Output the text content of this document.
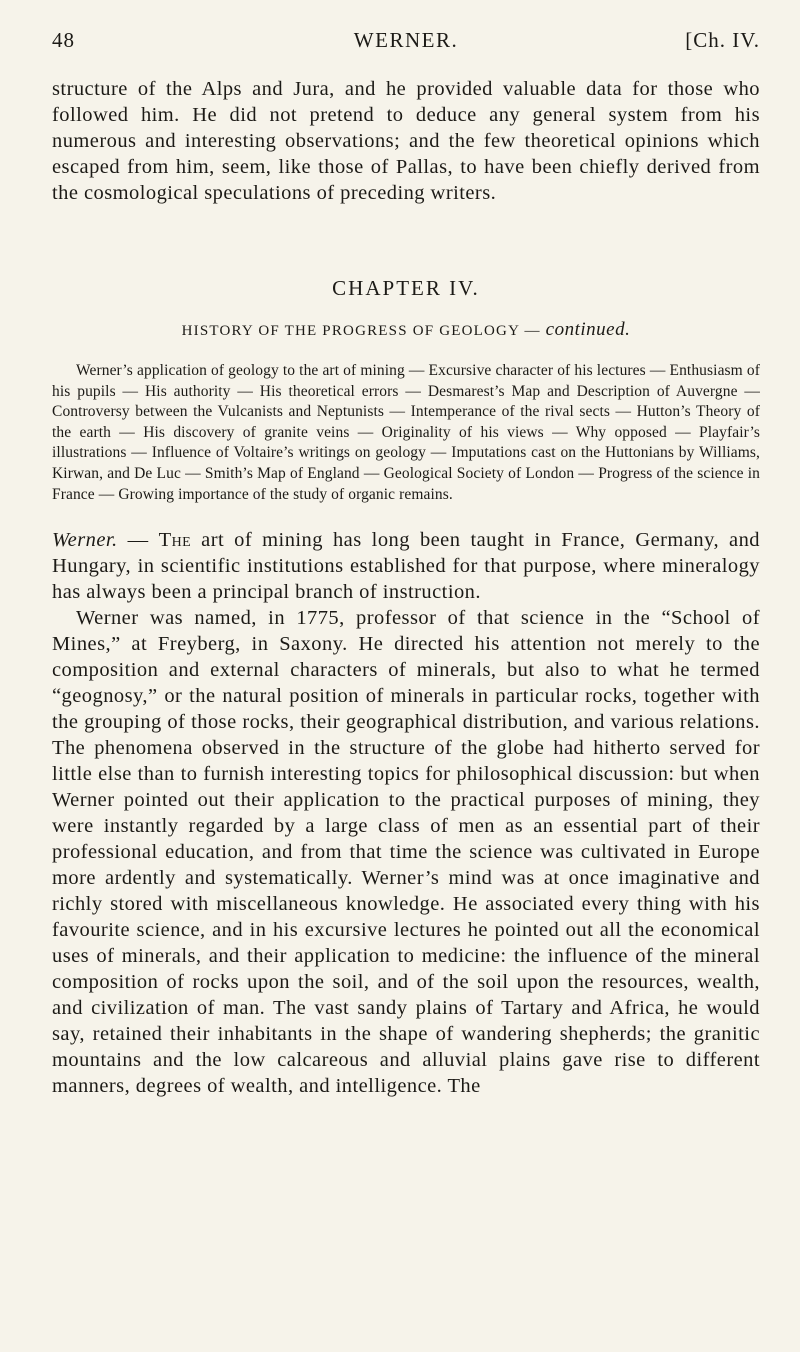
48	WERNER.	[Ch. IV.

structure of the Alps and Jura, and he provided valuable data for those who followed him. He did not pretend to deduce any general system from his numerous and interesting observations; and the few theoretical opinions which escaped from him, seem, like those of Pallas, to have been chiefly derived from the cosmological speculations of preceding writers.

CHAPTER IV.
HISTORY OF THE PROGRESS OF GEOLOGY — continued.

Werner’s application of geology to the art of mining — Excursive character of his lectures — Enthusiasm of his pupils — His authority — His theoretical errors — Desmarest’s Map and Description of Auvergne — Controversy between the Vulcanists and Neptunists — Intemperance of the rival sects — Hutton’s Theory of the earth — His discovery of granite veins — Originality of his views — Why opposed — Playfair’s illustrations — Influence of Voltaire’s writings on geology — Imputations cast on the Huttonians by Williams, Kirwan, and De Luc — Smith’s Map of England — Geological Society of London — Progress of the science in France — Growing importance of the study of organic remains.

Werner. — The art of mining has long been taught in France, Germany, and Hungary, in scientific institutions established for that purpose, where mineralogy has always been a principal branch of instruction.

Werner was named, in 1775, professor of that science in the “School of Mines,” at Freyberg, in Saxony. He directed his attention not merely to the composition and external characters of minerals, but also to what he termed “geognosy,” or the natural position of minerals in particular rocks, together with the grouping of those rocks, their geographical distribution, and various relations. The phenomena observed in the structure of the globe had hitherto served for little else than to furnish interesting topics for philosophical discussion: but when Werner pointed out their application to the practical purposes of mining, they were instantly regarded by a large class of men as an essential part of their professional education, and from that time the science was cultivated in Europe more ardently and systematically. Werner’s mind was at once imaginative and richly stored with miscellaneous knowledge. He associated every thing with his favourite science, and in his excursive lectures he pointed out all the economical uses of minerals, and their application to medicine: the influence of the mineral composition of rocks upon the soil, and of the soil upon the resources, wealth, and civilization of man. The vast sandy plains of Tartary and Africa, he would say, retained their inhabitants in the shape of wandering shepherds; the granitic mountains and the low calcareous and alluvial plains gave rise to different manners, degrees of wealth, and intelligence. The
